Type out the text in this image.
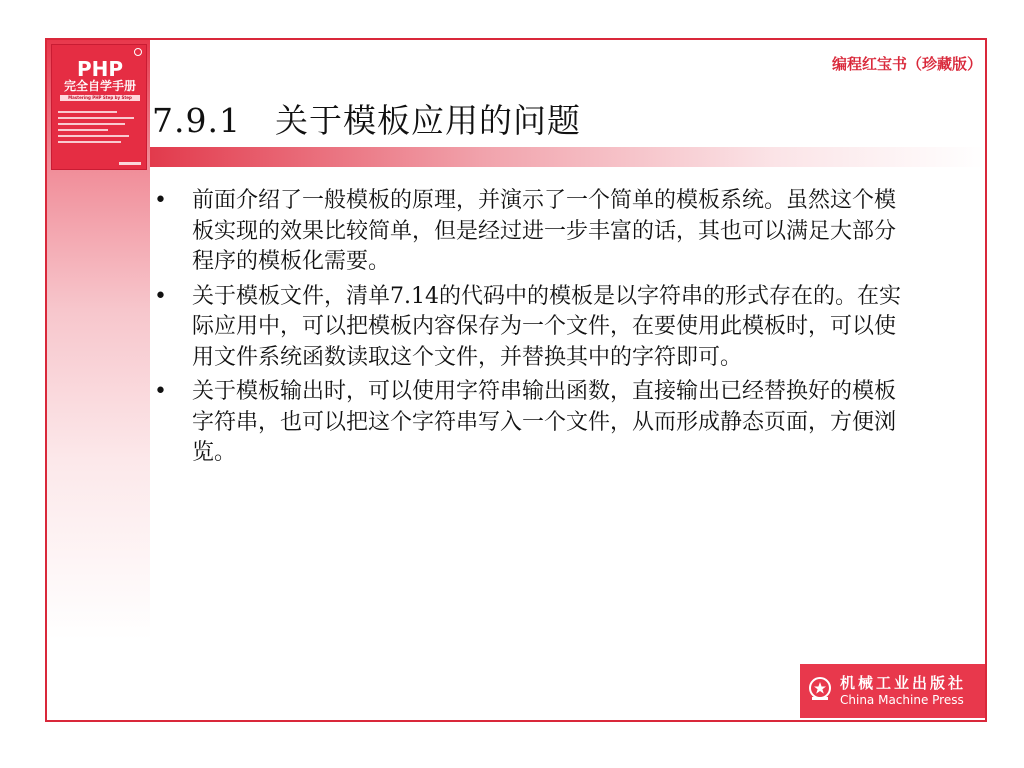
PHP
完全自学手册
Mastering PHP Step by Step
编程红宝书（珍藏版）
7.9.1　关于模板应用的问题
• 前面介绍了一般模板的原理，并演示了一个简单的模板系统。虽然这个模板实现的效果比较简单，但是经过进一步丰富的话，其也可以满足大部分程序的模板化需要。
• 关于模板文件，清单7.14的代码中的模板是以字符串的形式存在的。在实际应用中，可以把模板内容保存为一个文件，在要使用此模板时，可以使用文件系统函数读取这个文件，并替换其中的字符即可。
• 关于模板输出时，可以使用字符串输出函数，直接输出已经替换好的模板字符串，也可以把这个字符串写入一个文件，从而形成静态页面，方便浏览。
机械工业出版社
China Machine Press
